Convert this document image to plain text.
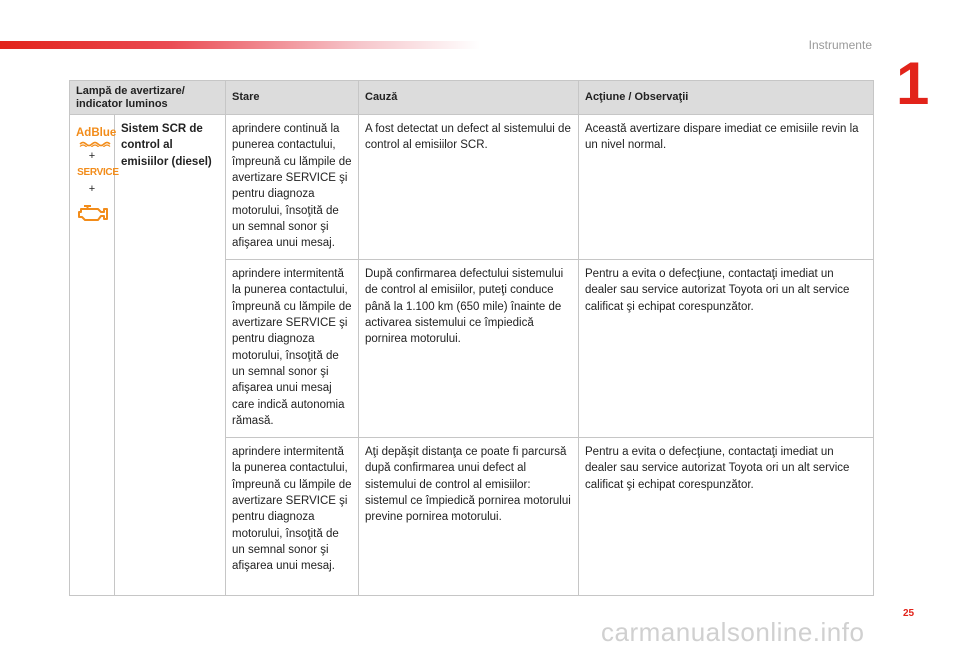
Instrumente
1
Lampă de avertizare/ indicator luminos		Stare	Cauză	Acţiune / Observaţii
AdBlue
+
SERVICE
+	Sistem SCR de control al emisiilor (diesel)	aprindere continuă la punerea contactului, împreună cu lămpile de avertizare SERVICE şi pentru diagnoza motorului, însoţită de un semnal sonor şi afişarea unui mesaj.	A fost detectat un defect al sistemului de control al emisiilor SCR.	Această avertizare dispare imediat ce emisiile revin la un nivel normal.

		aprindere intermitentă la punerea contactului, împreună cu lămpile de avertizare SERVICE şi pentru diagnoza motorului, însoţită de un semnal sonor şi afişarea unui mesaj care indică autonomia rămasă.	După confirmarea defectului sistemului de control al emisiilor, puteţi conduce până la 1.100 km (650 mile) înainte de activarea sistemului ce împiedică pornirea motorului.	Pentru a evita o defecţiune, contactaţi imediat un dealer sau service autorizat Toyota ori un alt service calificat şi echipat corespunzător.

		aprindere intermitentă la punerea contactului, împreună cu lămpile de avertizare SERVICE şi pentru diagnoza motorului, însoţită de un semnal sonor şi afişarea unui mesaj.	Aţi depăşit distanţa ce poate fi parcursă după confirmarea unui defect al sistemului de control al emisiilor: sistemul ce împiedică pornirea motorului previne pornirea motorului.	Pentru a evita o defecţiune, contactaţi imediat un dealer sau service autorizat Toyota ori un alt service calificat şi echipat corespunzător.
25
carmanualsonline.info
